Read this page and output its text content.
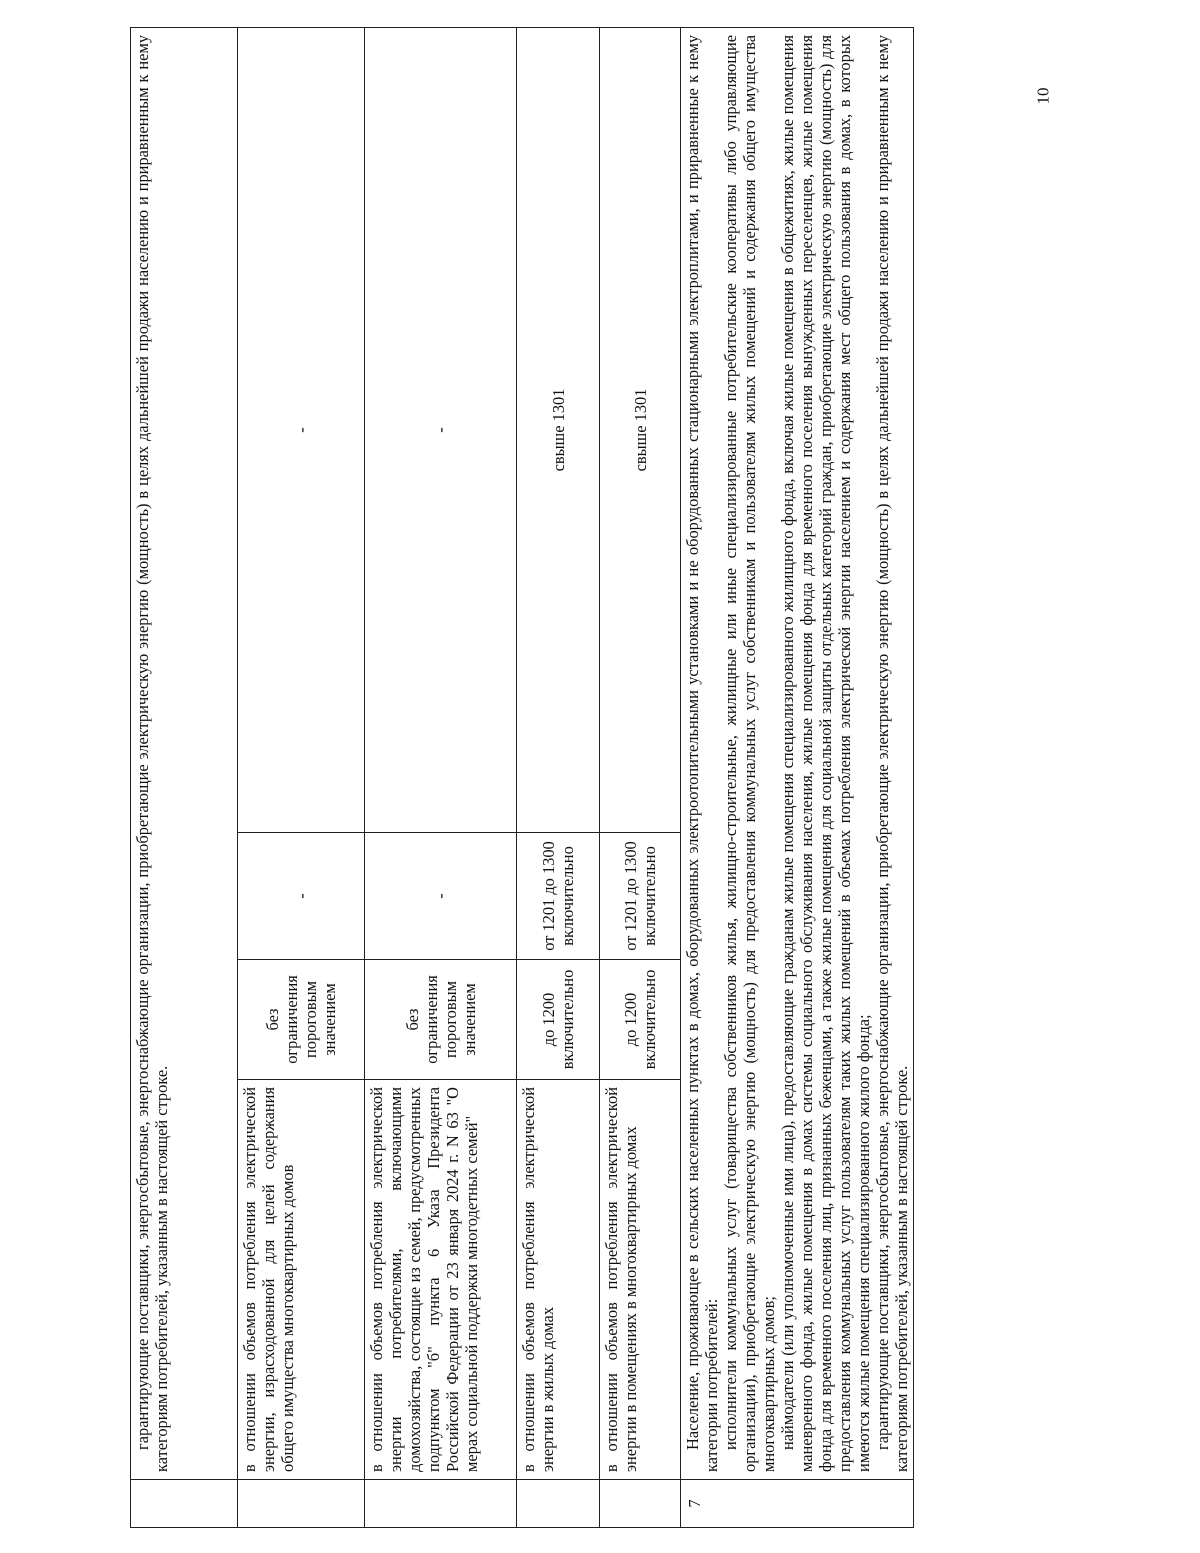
	гарантирующие поставщики, энергосбытовые, энергоснабжающие организации, приобретающие электрическую энергию (мощность) в целях дальнейшей продажи населению и приравненным к нему категориям потребителей, указанным в настоящей строке.			

	в отношении объемов потребления электрической энергии, израсходованной для целей содержания общего имущества многоквартирных домов	без ограничения пороговым значением	-	-
	в отношении объемов потребления электрической энергии потребителями, включающими домохозяйства, состоящие из семей, предусмотренных подпунктом "б" пункта 6 Указа Президента Российской Федерации от 23 января 2024 г. N 63 "О мерах социальной поддержки многодетных семей"	без ограничения пороговым значением	-	-
	в отношении объемов потребления электрической энергии в жилых домах	до 1200 включительно	от 1201 до 1300 включительно	свыше 1301
	в отношении объемов потребления электрической энергии в помещениях в многоквартирных домах	до 1200 включительно	от 1201 до 1300 включительно	свыше 1301
7	Население, проживающее в сельских населенных пунктах в домах, оборудованных электроотопительными установками и не оборудованных стационарными электроплитами, и приравненные к нему категории потребителей: исполнители коммунальных услуг (товарищества собственников жилья, жилищно-строительные, жилищные или иные специализированные потребительские кооперативы либо управляющие организации), приобретающие электрическую энергию (мощность) для предоставления коммунальных услуг собственникам и пользователям жилых помещений и содержания общего имущества многоквартирных домов; наймодатели (или уполномоченные ими лица), предоставляющие гражданам жилые помещения специализированного жилищного фонда, включая жилые помещения в общежитиях, жилые помещения маневренного фонда, жилые помещения в домах системы социального обслуживания населения, жилые помещения фонда для временного поселения вынужденных переселенцев, жилые помещения фонда для временного поселения лиц, признанных беженцами, а также жилые помещения для социальной защиты отдельных категорий граждан, приобретающие электрическую энергию (мощность) для предоставления коммунальных услуг пользователям таких жилых помещений в объемах потребления электрической энергии населением и содержания мест общего пользования в домах, в которых имеются жилые помещения специализированного жилого фонда; гарантирующие поставщики, энергосбытовые, энергоснабжающие организации, приобретающие электрическую энергию (мощность) в целях дальнейшей продажи населению и приравненным к нему категориям потребителей, указанным в настоящей строке.			

10
